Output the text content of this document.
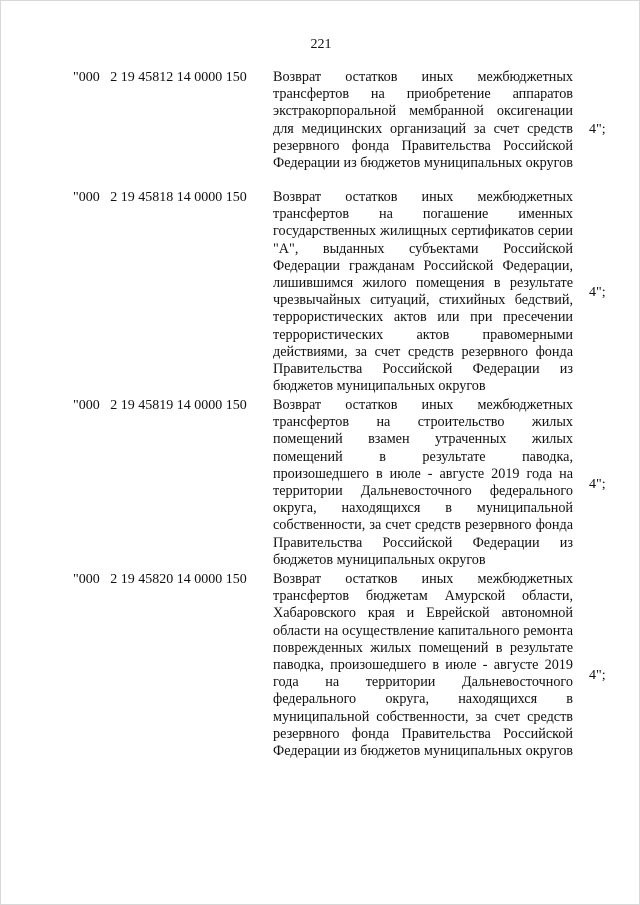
221
"000   2 19 45812 14 0000 150 Возврат остатков иных межбюджетных трансфертов на приобретение аппаратов экстракорпоральной мембранной оксигенации для медицинских организаций за счет средств резервного фонда Правительства Российской Федерации из бюджетов муниципальных округов
4";
"000   2 19 45818 14 0000 150 Возврат остатков иных межбюджетных трансфертов на погашение именных государственных жилищных сертификатов серии "А", выданных субъектами Российской Федерации гражданам Российской Федерации, лишившимся жилого помещения в результате чрезвычайных ситуаций, стихийных бедствий, террористических актов или при пресечении террористических актов правомерными действиями, за счет средств резервного фонда Правительства Российской Федерации из бюджетов муниципальных округов
4";
"000   2 19 45819 14 0000 150 Возврат остатков иных межбюджетных трансфертов на строительство жилых помещений взамен утраченных жилых помещений в результате паводка, произошедшего в июле - августе 2019 года на территории Дальневосточного федерального округа, находящихся в муниципальной собственности, за счет средств резервного фонда Правительства Российской Федерации из бюджетов муниципальных округов
4";
"000   2 19 45820 14 0000 150 Возврат остатков иных межбюджетных трансфертов бюджетам Амурской области, Хабаровского края и Еврейской автономной области на осуществление капитального ремонта поврежденных жилых помещений в результате паводка, произошедшего в июле - августе 2019 года на территории Дальневосточного федерального округа, находящихся в муниципальной собственности, за счет средств резервного фонда Правительства Российской Федерации из бюджетов муниципальных округов
4";
